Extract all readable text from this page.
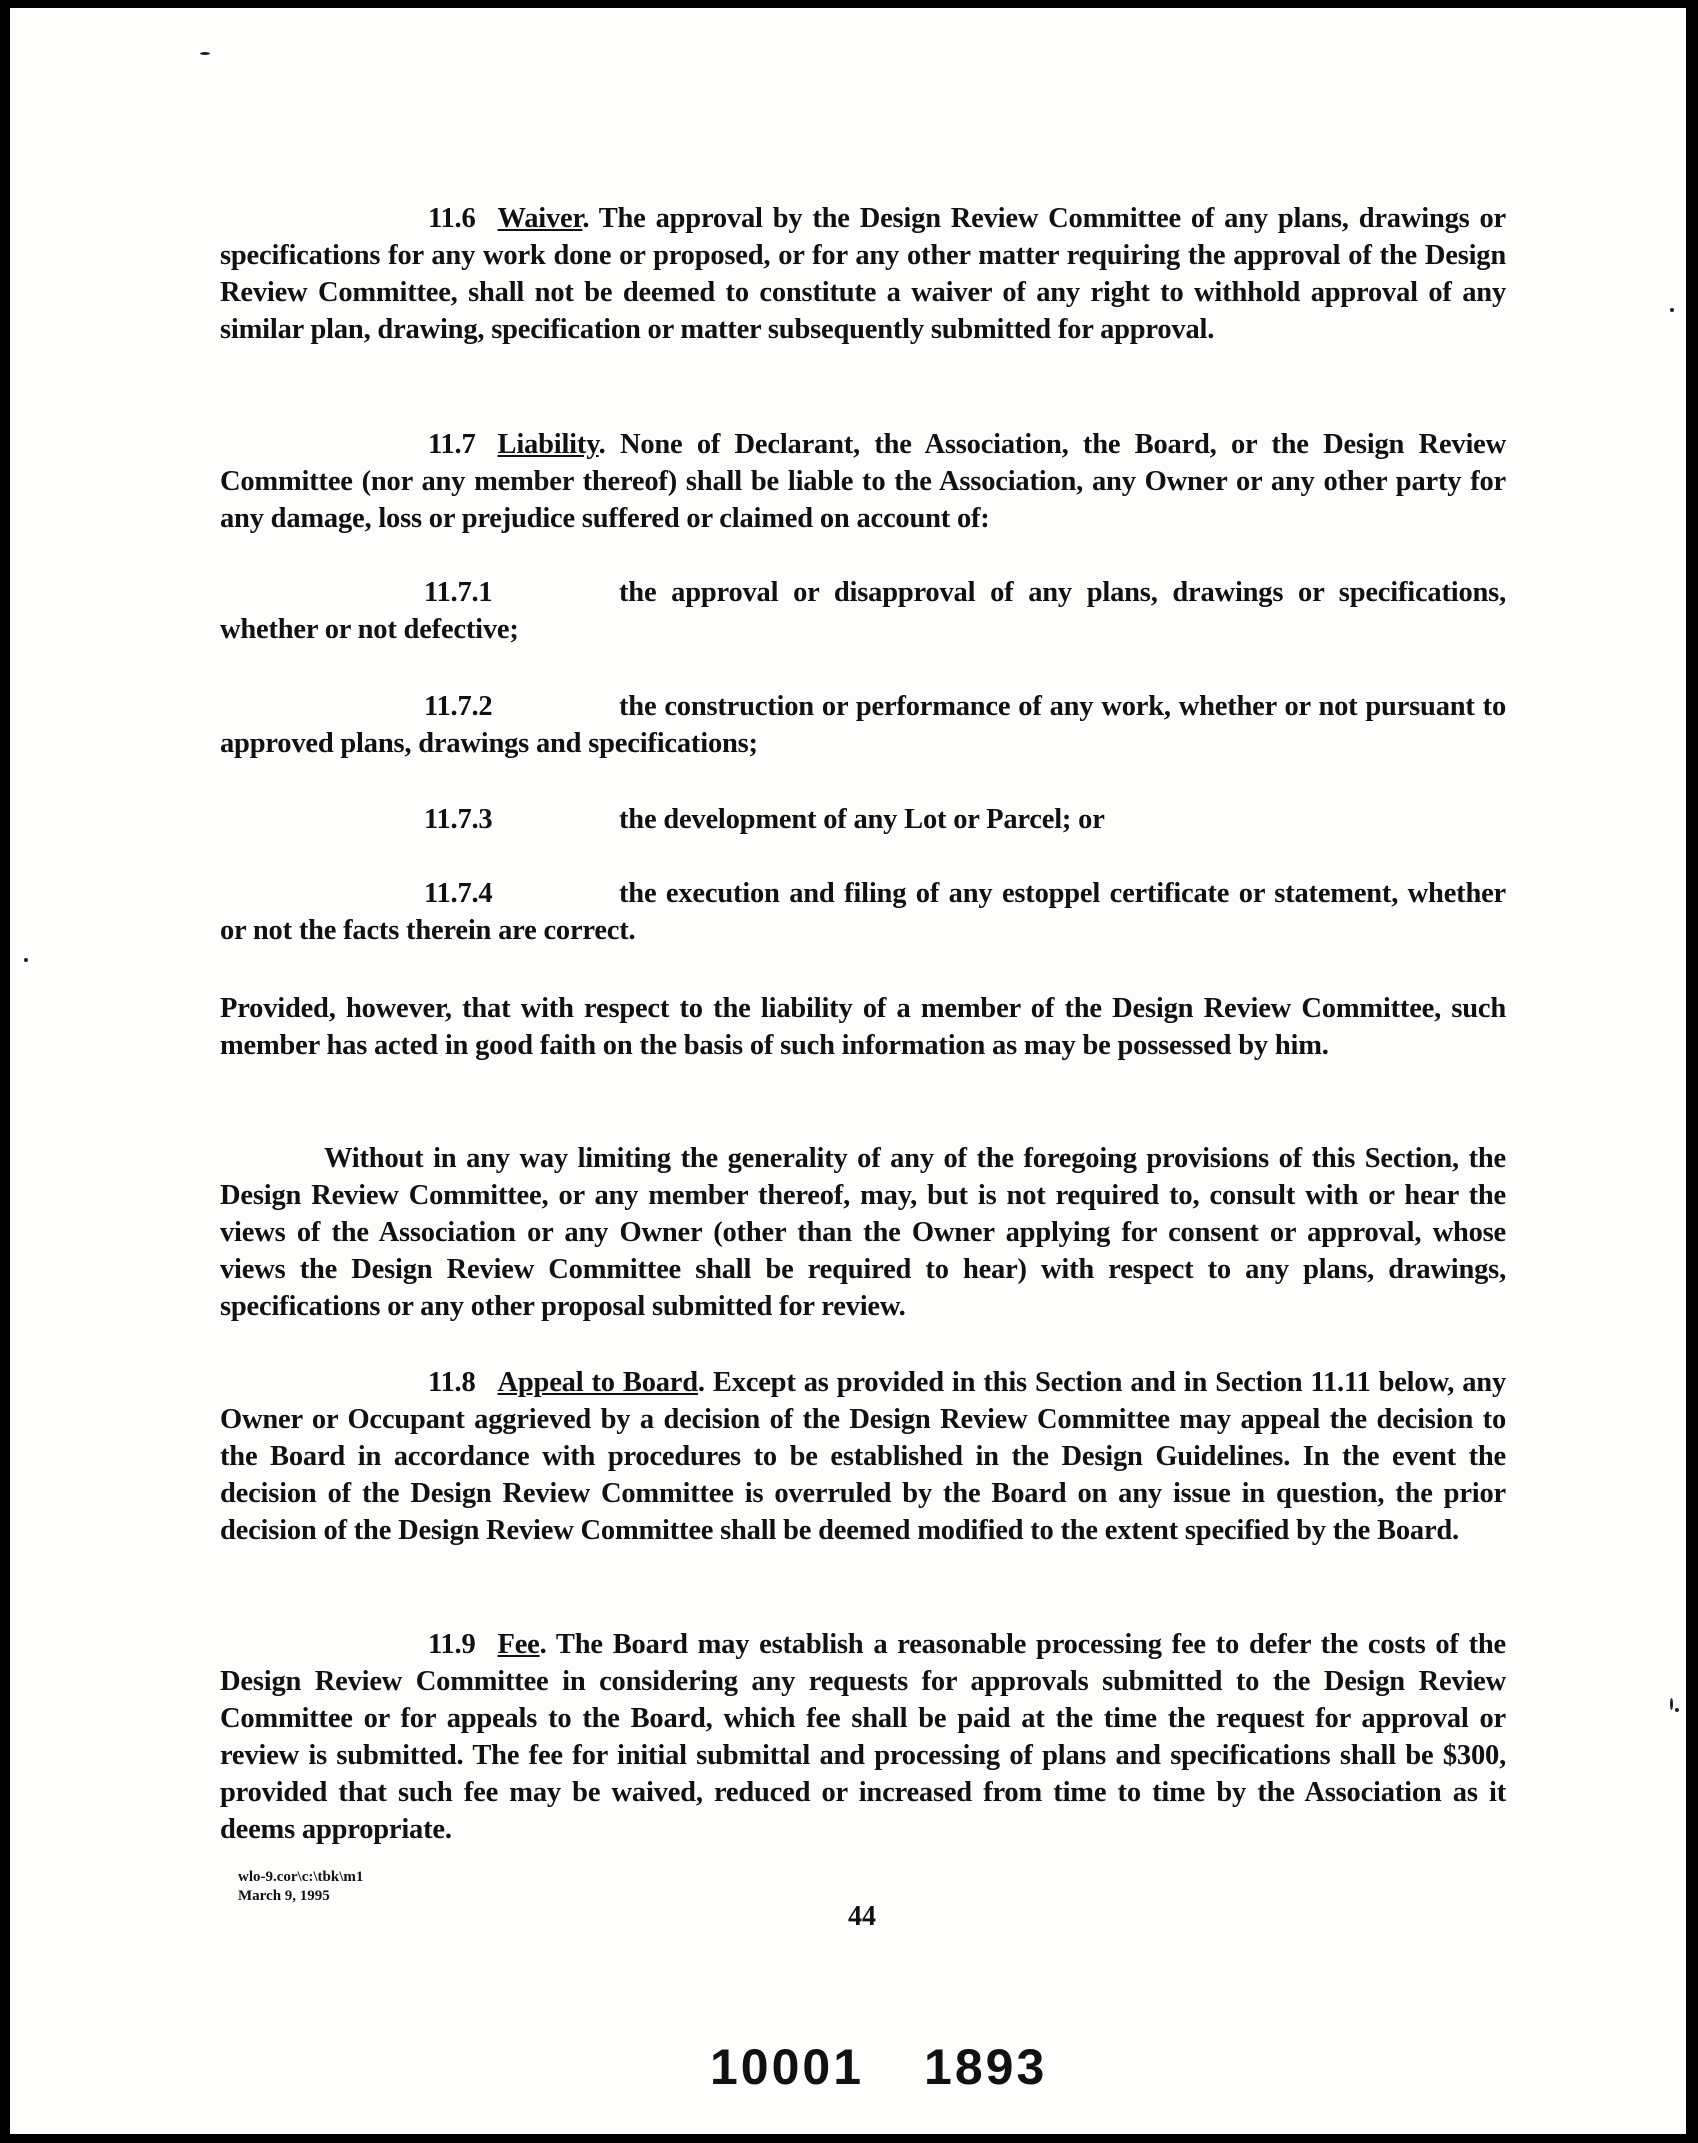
11.6 Waiver. The approval by the Design Review Committee of any plans, drawings or specifications for any work done or proposed, or for any other matter requiring the approval of the Design Review Committee, shall not be deemed to constitute a waiver of any right to withhold approval of any similar plan, drawing, specification or matter subsequently submitted for approval.
11.7 Liability. None of Declarant, the Association, the Board, or the Design Review Committee (nor any member thereof) shall be liable to the Association, any Owner or any other party for any damage, loss or prejudice suffered or claimed on account of:
11.7.1	the approval or disapproval of any plans, drawings or specifications, whether or not defective;
11.7.2	the construction or performance of any work, whether or not pursuant to approved plans, drawings and specifications;
11.7.3	the development of any Lot or Parcel; or
11.7.4	the execution and filing of any estoppel certificate or statement, whether or not the facts therein are correct.
Provided, however, that with respect to the liability of a member of the Design Review Committee, such member has acted in good faith on the basis of such information as may be possessed by him.
Without in any way limiting the generality of any of the foregoing provisions of this Section, the Design Review Committee, or any member thereof, may, but is not required to, consult with or hear the views of the Association or any Owner (other than the Owner applying for consent or approval, whose views the Design Review Committee shall be required to hear) with respect to any plans, drawings, specifications or any other proposal submitted for review.
11.8 Appeal to Board. Except as provided in this Section and in Section 11.11 below, any Owner or Occupant aggrieved by a decision of the Design Review Committee may appeal the decision to the Board in accordance with procedures to be established in the Design Guidelines. In the event the decision of the Design Review Committee is overruled by the Board on any issue in question, the prior decision of the Design Review Committee shall be deemed modified to the extent specified by the Board.
11.9 Fee. The Board may establish a reasonable processing fee to defer the costs of the Design Review Committee in considering any requests for approvals submitted to the Design Review Committee or for appeals to the Board, which fee shall be paid at the time the request for approval or review is submitted. The fee for initial submittal and processing of plans and specifications shall be $300, provided that such fee may be waived, reduced or increased from time to time by the Association as it deems appropriate.
wlo-9.cor\c:\tbk\m1
March 9, 1995
44
10001 1893
